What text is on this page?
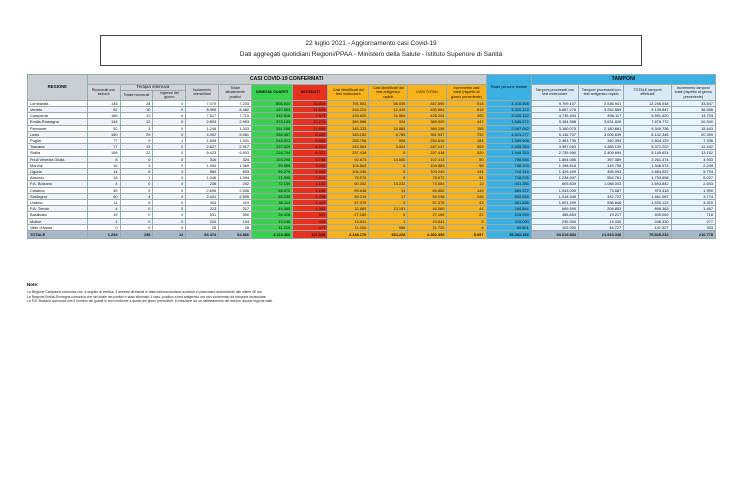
22 luglio 2021 - Aggiornamento casi Covid-19
Dati aggregati quotidiani Regioni/PPAA - Ministero della Salute - Istituto Superiore di Sanità
REGIONE	CASI COVID-19 CONFERMATI											Totale persone testate	TAMPONI			
	Ricoverati con sintomi	Terapia intensiva		Isolamento domiciliare	Totale attualmente positivi	DIMESSI/ GUARITI	DECEDUTI	Casi identificati dal test molecolare	Casi identificati dal test antigenico rapido	CASI TOTALI	Incremento casi totali (rispetto al giorno precedente)		Tamponi processati con test molecolare	Tamponi processati con test antigenico rapido	TOTALE tamponi effettuati	Incremento tamponi totali (rispetto al giorno precedente)
		Totale ricoverati	Ingressi del giorno													
Lombardia	135	28	0	7.070	7.233	806.543	33.814	791.551	56.039	847.590	513	4.416.468	9.709.107	2.536.941	12.246.048	33.547
Veneto	62	10	0	8.390	8.462	410.553	11.629	418.224	12.440	430.664	619	3.320.122	5.887.278	3.252.569	9.139.847	36.586
Campania	166	12	0	7.517	7.715	432.916	7.573	416.620	11.584	428.204	392	3.320.122	4.735.403	836.117	5.591.620	14.793
Emilia-Romagna	134	12	0	2.803	2.953	373.133	13.272	389.586	334	389.920	447	1.545.572	5.154.588	3.631.826	7.878.772	20.340
Piemonte	52	3	0	1.248	1.303	351.196	11.699	345.333	18.865	364.198	155	2.067.052	3.160.075	2.180.661	5.340.736	15.443
Lazio	150	29	0	4.902	5.081	338.467	8.389	343.152	8.785	351.937	732	4.521.277	5.136.707	3.005.639	8.142.346	20.359
Puglia	77	9	1	1.845	1.931	244.021	6.664	253.708	908	254.616	154	1.269.908	2.463.735	340.394	2.804.129	7.336
Toscana	77	13	2	2.827	2.917	237.329	6.901	243.563	3.594	247.147	509	2.455.254	3.987.063	1.385.139	5.372.202	12.442
Sicilia	158	22	0	6.423	6.603	224.794	6.021	237.418	0	237.418	520	1.949.333	2.735.950	2.409.694	5.145.624	13.152
Friuli Venezia Giulia	8	0	0	316	324	103.298	3.788	92.873	14.540	107.413	50	706.046	1.864.085	397.389	2.261.474	4.933
Marche	16	3	0	1.550	1.569	99.955	3.039	104.563	0	104.563	99	746.103	1.196.818	149.756	1.346.574	2.249
Liguria	14	6	0	583	603	99.279	4.358	104.240	0	104.240	134	719.314	1.429.409	455.093	1.884.522	5.794
Abruzzo	18	1	0	1.046	1.064	71.995	2.513	75.572	0	75.572	91	718.076	1.238.937	554.761	1.793.698	5.027
P.A. Bolzano	4	0	0	238	242	72.159	1.183	60.352	13.232	73.584	12	431.285	605.839	1.088.003	1.693.842	2.543
Calabria	45	5	0	2.606	2.656	66.570	1.239	69.848	14	69.862	149	889.972	1.043.005	73.687	973.418	1.990
Sardegna	60	4	0	2.441	2.505	55.235	1.496	59.219	17	59.236	246	852.034	1.018.345	442.722	1.461.067	3.774
Umbria	11	5	0	403	419	55.114	1.429	57.370	0	57.370	43	401.838	1.001.299	536.846	1.530.122	4.320
P.A. Trento	4	0	0	213	217	44.480	1.363	32.869	13.191	46.060	44	244.844	689.590	208.853	898.363	1.457
Basilicata	19	0	0	531	550	26.028	591	27.169	0	27.169	22	215.039	385.853	19.217	405.069	716
Molise	1	0	0	103	104	13.245	493	13.841	1	13.841	3	215.000	235.300	13.030	248.330	277
Valle d'Aosta	0	0	0	28	28	11.219	473	11.034	686	11.720	4	69.801	102.000	44.727	147.327	333
TOTALE	1.294	158	12	53.474	54.866	4.119.460	127.920	4.148.170	154.223	4.302.393	5.057	35.492.194	53.619.884	21.915.346	75.535.232	210.778
Note:
La Regione Campania comunica che, a seguito di verifica, 3 decessi dichiarati in data odierna risultano avvenuti in particolare antecedente alle ultime 48 ore.
La Regione Emilia-Romagna comunica che del totale dei positivi è stato eliminato 1 caso, positivo a test antigenico ma non confermato da tampone molecolare.
La P.A. Bolzano comunica che il numero dei guariti in non conforme a quello dei giorni precedenti. In relazione ad un riallineamento dei dati per alcune regione date.
